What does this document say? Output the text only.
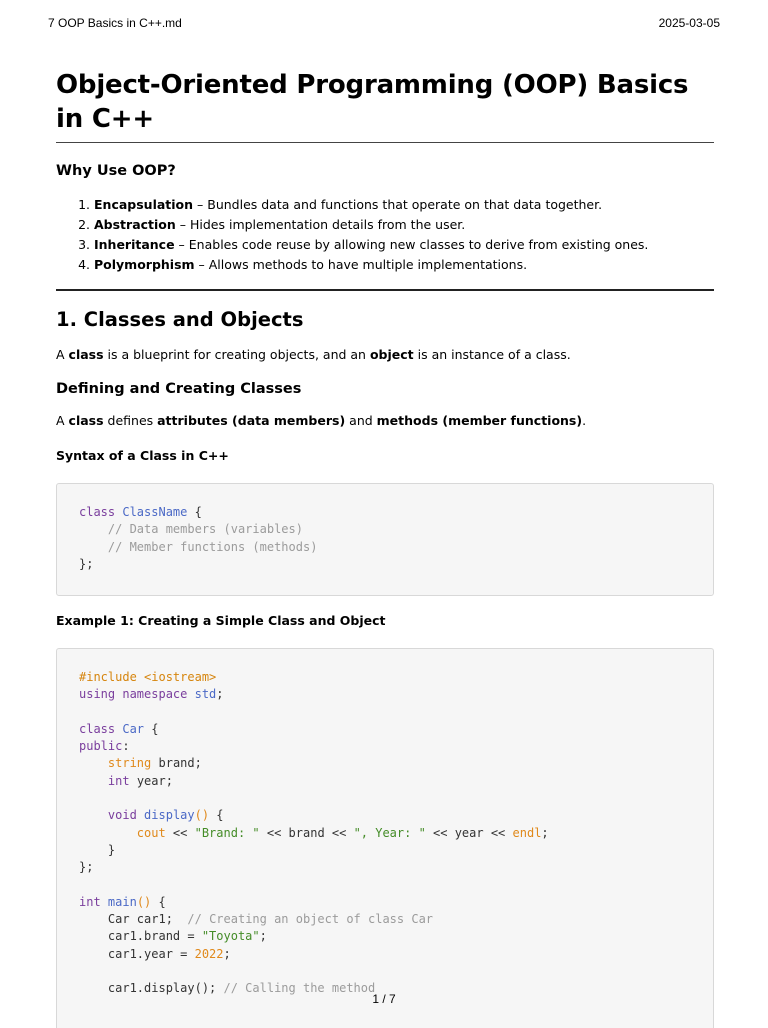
7 OOP Basics in C++.md	2025-03-05
Object-Oriented Programming (OOP) Basics in C++
Why Use OOP?
1. Encapsulation – Bundles data and functions that operate on that data together.
2. Abstraction – Hides implementation details from the user.
3. Inheritance – Enables code reuse by allowing new classes to derive from existing ones.
4. Polymorphism – Allows methods to have multiple implementations.
1. Classes and Objects

A class is a blueprint for creating objects, and an object is an instance of a class.

Defining and Creating Classes

A class defines attributes (data members) and methods (member functions).

Syntax of a Class in C++
class ClassName {
// Data members (variables)
// Member functions (methods)
};
Example 1: Creating a Simple Class and Object
#include <iostream>
using namespace std;
class Car {
public:
string brand;
int year;
void display() {
cout << "Brand: " << brand << ", Year: " << year << endl;
}
};
int main() {
Car car1;  // Creating an object of class Car
car1.brand = "Toyota";
car1.year = 2022;
car1.display(); // Calling the method
1 / 7
